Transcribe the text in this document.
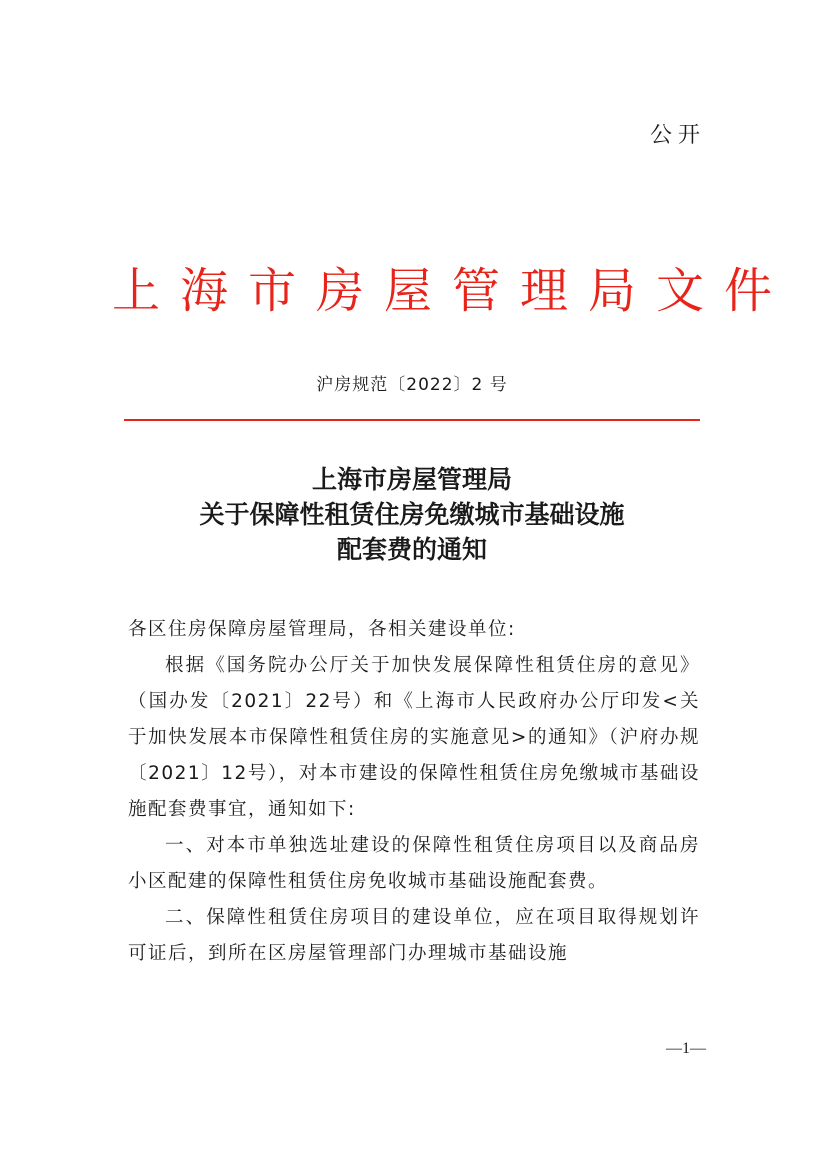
公开
上海市房屋管理局文件
沪房规范〔2022〕2 号
上海市房屋管理局
关于保障性租赁住房免缴城市基础设施
配套费的通知

各区住房保障房屋管理局，各相关建设单位:

根据《国务院办公厅关于加快发展保障性租赁住房的意见》（国办发〔2021〕22号）和《上海市人民政府办公厅印发<关于加快发展本市保障性租赁住房的实施意见>的通知》（沪府办规〔2021〕12号），对本市建设的保障性租赁住房免缴城市基础设施配套费事宜，通知如下:

一、对本市单独选址建设的保障性租赁住房项目以及商品房小区配建的保障性租赁住房免收城市基础设施配套费。

二、保障性租赁住房项目的建设单位，应在项目取得规划许可证后，到所在区房屋管理部门办理城市基础设施

—1—
